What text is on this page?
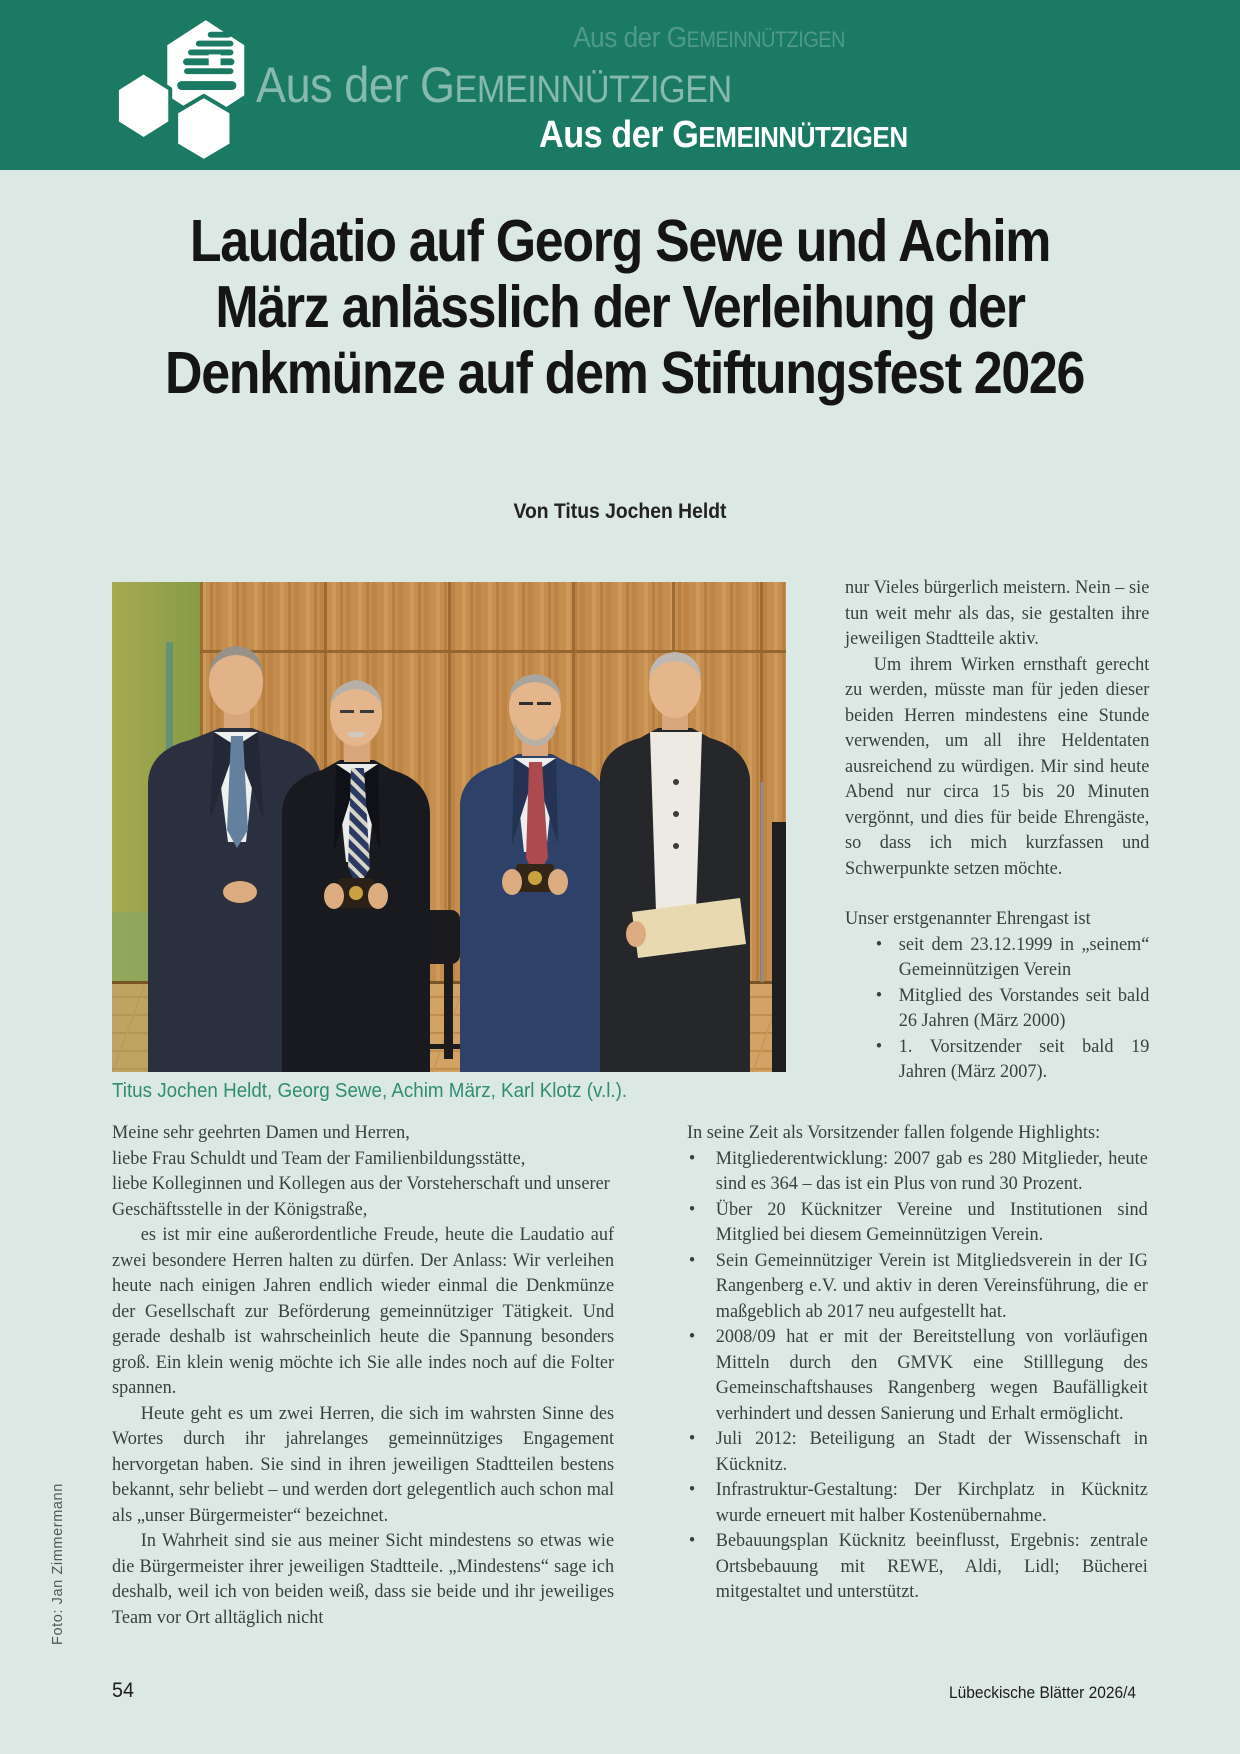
Aus der GEMEINNÜTZIGEN
Aus der GEMEINNÜTZIGEN
Aus der GEMEINNÜTZIGEN
Laudatio auf Georg Sewe und Achim
März anlässlich der Verleihung der
Denkmünze auf dem Stiftungsfest 2026
Von Titus Jochen Heldt
Titus Jochen Heldt, Georg Sewe, Achim März, Karl Klotz (v.l.).
Foto: Jan Zimmermann

nur Vieles bürgerlich meistern. Nein – sie tun weit mehr als das, sie gestalten ihre jeweiligen Stadtteile aktiv.

Um ihrem Wirken ernsthaft gerecht zu werden, müsste man für jeden dieser beiden Herren mindestens eine Stunde verwenden, um all ihre Heldentaten ausreichend zu würdigen. Mir sind heute Abend nur circa 15 bis 20 Minuten vergönnt, und dies für beide Ehrengäste, so dass ich mich kurzfassen und Schwerpunkte setzen möchte.

Unser erstgenannter Ehrengast ist

• seit dem 23.12.1999 in „seinem“ Gemeinnützigen Verein
• Mitglied des Vorstandes seit bald 26 Jahren (März 2000)
• 1. Vorsitzender seit bald 19 Jahren (März 2007).
Meine sehr geehrten Damen und Herren,
liebe Frau Schuldt und Team der Familienbildungsstätte,
liebe Kolleginnen und Kollegen aus der Vorsteherschaft und unserer Geschäftsstelle in der Königstraße,

es ist mir eine außerordentliche Freude, heute die Laudatio auf zwei besondere Herren halten zu dürfen. Der Anlass: Wir verleihen heute nach einigen Jahren endlich wieder einmal die Denkmünze der Gesellschaft zur Beförderung gemeinnütziger Tätigkeit. Und gerade deshalb ist wahrscheinlich heute die Spannung besonders groß. Ein klein wenig möchte ich Sie alle indes noch auf die Folter spannen.

Heute geht es um zwei Herren, die sich im wahrsten Sinne des Wortes durch ihr jahrelanges gemeinnütziges Engagement hervorgetan haben. Sie sind in ihren jeweiligen Stadtteilen bestens bekannt, sehr beliebt – und werden dort gelegentlich auch schon mal als „unser Bürgermeister“ bezeichnet.

In Wahrheit sind sie aus meiner Sicht mindestens so etwas wie die Bürgermeister ihrer jeweiligen Stadtteile. „Mindestens“ sage ich deshalb, weil ich von beiden weiß, dass sie beide und ihr jeweiliges Team vor Ort alltäglich nicht

In seine Zeit als Vorsitzender fallen folgende Highlights:

• Mitgliederentwicklung: 2007 gab es 280 Mitglieder, heute sind es 364 – das ist ein Plus von rund 30 Prozent.
• Über 20 Kücknitzer Vereine und Institutionen sind Mitglied bei diesem Gemeinnützigen Verein.
• Sein Gemeinnütziger Verein ist Mitgliedsverein in der IG Rangenberg e.V. und aktiv in deren Vereinsführung, die er maßgeblich ab 2017 neu aufgestellt hat.
• 2008/09 hat er mit der Bereitstellung von vorläufigen Mitteln durch den GMVK eine Stilllegung des Gemeinschaftshauses Rangenberg wegen Baufälligkeit verhindert und dessen Sanierung und Erhalt ermöglicht.
• Juli 2012: Beteiligung an Stadt der Wissenschaft in Kücknitz.
• Infrastruktur-Gestaltung: Der Kirchplatz in Kücknitz wurde erneuert mit halber Kostenübernahme.
• Bebauungsplan Kücknitz beeinflusst, Ergebnis: zentrale Ortsbebauung mit REWE, Aldi, Lidl; Bücherei mitgestaltet und unterstützt.
54	Lübeckische Blätter 2026/4
